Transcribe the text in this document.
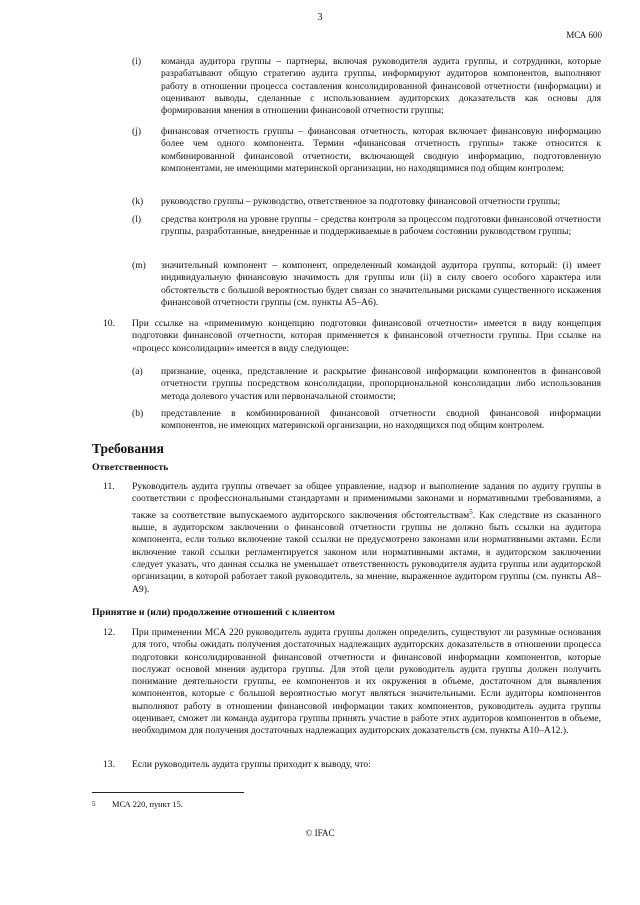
3
МСА 600
(i) команда аудитора группы – партнеры, включая руководителя аудита группы, и сотрудники, которые разрабатывают общую стратегию аудита группы, информируют аудиторов компонентов, выполняют работу в отношении процесса составления консолидированной финансовой отчетности (информации) и оценивают выводы, сделанные с использованием аудиторских доказательств как основы для формирования мнения в отношении финансовой отчетности группы;
(j) финансовая отчетность группы – финансовая отчетность, которая включает финансовую информацию более чем одного компонента. Термин «финансовая отчетность группы» также относится к комбинированной финансовой отчетности, включающей сводную информацию, подготовленную компонентами, не имеющими материнской организации, но находящимися под общим контролем;
(k) руководство группы – руководство, ответственное за подготовку финансовой отчетности группы;
(l) средства контроля на уровне группы – средства контроля за процессом подготовки финансовой отчетности группы, разработанные, внедренные и поддерживаемые в рабочем состоянии руководством группы;
(m) значительный компонент – компонент, определенный командой аудитора группы, который: (i) имеет индивидуальную финансовую значимость для группы или (ii) в силу своего особого характера или обстоятельств с большой вероятностью будет связан со значительными рисками существенного искажения финансовой отчетности группы (см. пункты А5–А6).
10. При ссылке на «применимую концепцию подготовки финансовой отчетности» имеется в виду концепция подготовки финансовой отчетности, которая применяется к финансовой отчетности группы. При ссылке на «процесс консолидации» имеется в виду следующее:
(a) признание, оценка, представление и раскрытие финансовой информации компонентов в финансовой отчетности группы посредством консолидации, пропорциональной консолидации либо использования метода долевого участия или первоначальной стоимости;
(b) представление в комбинированной финансовой отчетности сводной финансовой информации компонентов, не имеющих материнской организации, но находящихся под общим контролем.
Требования
Ответственность
11. Руководитель аудита группы отвечает за общее управление, надзор и выполнение задания по аудиту группы в соответствии с профессиональными стандартами и применимыми законами и нормативными требованиями, а также за соответствие выпускаемого аудиторского заключения обстоятельствам$^5$. Как следствие из сказанного выше, в аудиторском заключении о финансовой отчетности группы не должно быть ссылки на аудитора компонента, если только включение такой ссылки не предусмотрено законами или нормативными актами. Если включение такой ссылки регламентируется законом или нормативными актами, в аудиторском заключении следует указать, что данная ссылка не уменьшает ответственность руководителя аудита группы или аудиторской организации, в которой работает такой руководитель, за мнение, выраженное аудитором группы (см. пункты А8–А9).
Принятие и (или) продолжение отношений с клиентом
12. При применении МСА 220 руководитель аудита группы должен определить, существуют ли разумные основания для того, чтобы ожидать получения достаточных надлежащих аудиторских доказательств в отношении процесса подготовки консолидированной финансовой отчетности и финансовой информации компонентов, которые послужат основой мнения аудитора группы. Для этой цели руководитель аудита группы должен получить понимание деятельности группы, ее компонентов и их окружения в объеме, достаточном для выявления компонентов, которые с большой вероятностью могут являться значительными. Если аудиторы компонентов выполняют работу в отношении финансовой информации таких компонентов, руководитель аудита группы оценивает, сможет ли команда аудитора группы принять участие в работе этих аудиторов компонентов в объеме, необходимом для получения достаточных надлежащих аудиторских доказательств (см. пункты А10–А12.).
13. Если руководитель аудита группы приходит к выводу, что:
$^5$ МСА 220, пункт 15.
© IFAC
